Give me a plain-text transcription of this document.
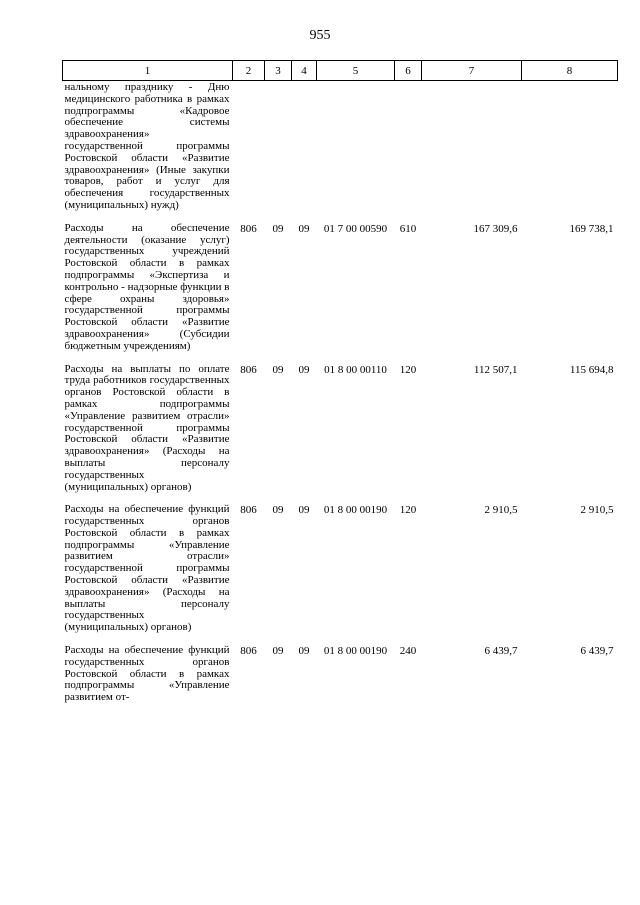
955
1	2	3	4	5	6	7	8
нальному празднику - Дню медицинского работника в рамках подпрограммы «Кадровое обеспечение системы здравоохранения» государственной программы Ростовской области «Развитие здравоохранения» (Иные закупки товаров, работ и услуг для обеспечения государственных (муниципальных) нужд)							
Расходы на обеспечение деятельности (оказание услуг) государственных учреждений Ростовской области в рамках подпрограммы «Экспертиза и контрольно - надзорные функции в сфере охраны здоровья» государственной программы Ростовской области «Развитие здравоохранения» (Субсидии бюджетным учреждениям)	806	09	09	01 7 00 00590	610	167 309,6	169 738,1
Расходы на выплаты по оплате труда работников государственных органов Ростовской области в рамках подпрограммы «Управление развитием отрасли» государственной программы Ростовской области «Развитие здравоохранения» (Расходы на выплаты персоналу государственных (муниципальных) органов)	806	09	09	01 8 00 00110	120	112 507,1	115 694,8
Расходы на обеспечение функций государственных органов Ростовской области в рамках подпрограммы «Управление развитием отрасли» государственной программы Ростовской области «Развитие здравоохранения» (Расходы на выплаты персоналу государственных (муниципальных) органов)	806	09	09	01 8 00 00190	120	2 910,5	2 910,5
Расходы на обеспечение функций государственных органов Ростовской области в рамках подпрограммы «Управление развитием от-	806	09	09	01 8 00 00190	240	6 439,7	6 439,7
